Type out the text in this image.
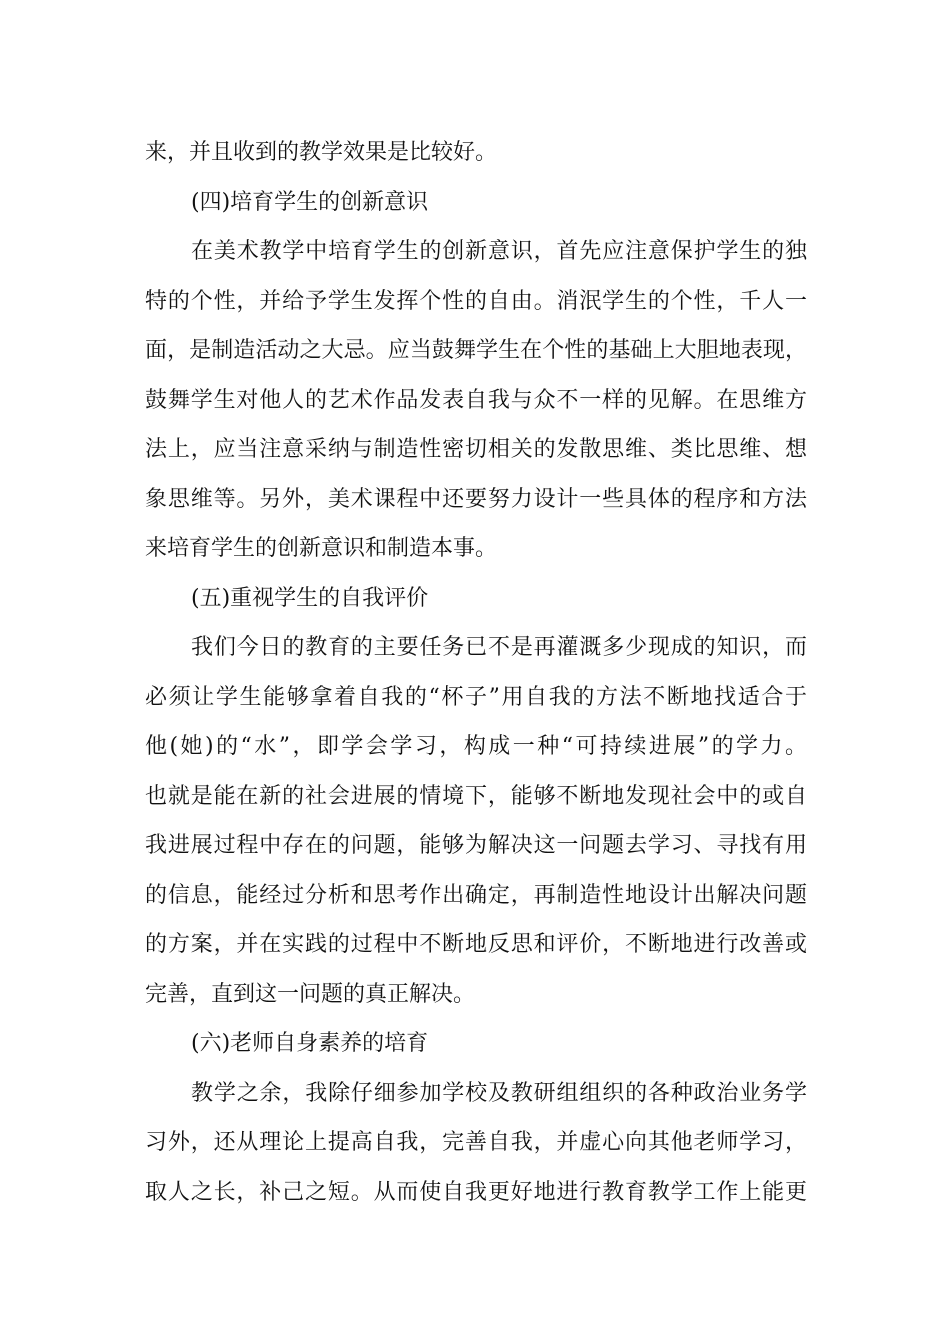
来，并且收到的教学效果是比较好。
(四)培育学生的创新意识
在美术教学中培育学生的创新意识，首先应注意保护学生的独
特的个性，并给予学生发挥个性的自由。消泯学生的个性，千人一
面，是制造活动之大忌。应当鼓舞学生在个性的基础上大胆地表现，
鼓舞学生对他人的艺术作品发表自我与众不一样的见解。在思维方
法上，应当注意采纳与制造性密切相关的发散思维、类比思维、想
象思维等。另外，美术课程中还要努力设计一些具体的程序和方法
来培育学生的创新意识和制造本事。
(五)重视学生的自我评价
我们今日的教育的主要任务已不是再灌溉多少现成的知识，而
必须让学生能够拿着自我的“杯子”用自我的方法不断地找适合于
他(她)的“水”，即学会学习，构成一种“可持续进展”的学力。
也就是能在新的社会进展的情境下，能够不断地发现社会中的或自
我进展过程中存在的问题，能够为解决这一问题去学习、寻找有用
的信息，能经过分析和思考作出确定，再制造性地设计出解决问题
的方案，并在实践的过程中不断地反思和评价，不断地进行改善或
完善，直到这一问题的真正解决。
(六)老师自身素养的培育
教学之余，我除仔细参加学校及教研组组织的各种政治业务学
习外，还从理论上提高自我，完善自我，并虚心向其他老师学习，
取人之长，补己之短。从而使自我更好地进行教育教学工作上能更
